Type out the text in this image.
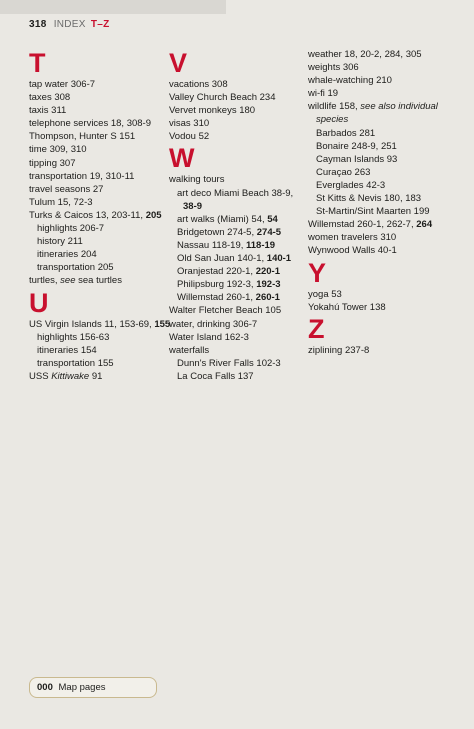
318 INDEX T–Z
T
tap water 306-7
taxes 308
taxis 311
telephone services 18, 308-9
Thompson, Hunter S 151
time 309, 310
tipping 307
transportation 19, 310-11
travel seasons 27
Tulum 15, 72-3
Turks & Caicos 13, 203-11, 205
highlights 206-7
history 211
itineraries 204
transportation 205
turtles, see sea turtles
U
US Virgin Islands 11, 153-69, 155
highlights 156-63
itineraries 154
transportation 155
USS Kittiwake 91
V
vacations 308
Valley Church Beach 234
Vervet monkeys 180
visas 310
Vodou 52
W
walking tours
art deco Miami Beach 38-9,
38-9
art walks (Miami) 54, 54
Bridgetown 274-5, 274-5
Nassau 118-19, 118-19
Old San Juan 140-1, 140-1
Oranjestad 220-1, 220-1
Philipsburg 192-3, 192-3
Willemstad 260-1, 260-1
Walter Fletcher Beach 105
water, drinking 306-7
Water Island 162-3
waterfalls
Dunn's River Falls 102-3
La Coca Falls 137
weather 18, 20-2, 284, 305
weights 306
whale-watching 210
wi-fi 19
wildlife 158, see also individual
species
Barbados 281
Bonaire 248-9, 251
Cayman Islands 93
Curaçao 263
Everglades 42-3
St Kitts & Nevis 180, 183
St-Martin/Sint Maarten 199
Willemstad 260-1, 262-7, 264
women travelers 310
Wynwood Walls 40-1
Y
yoga 53
Yokahú Tower 138
Z
ziplining 237-8
000 Map pages
